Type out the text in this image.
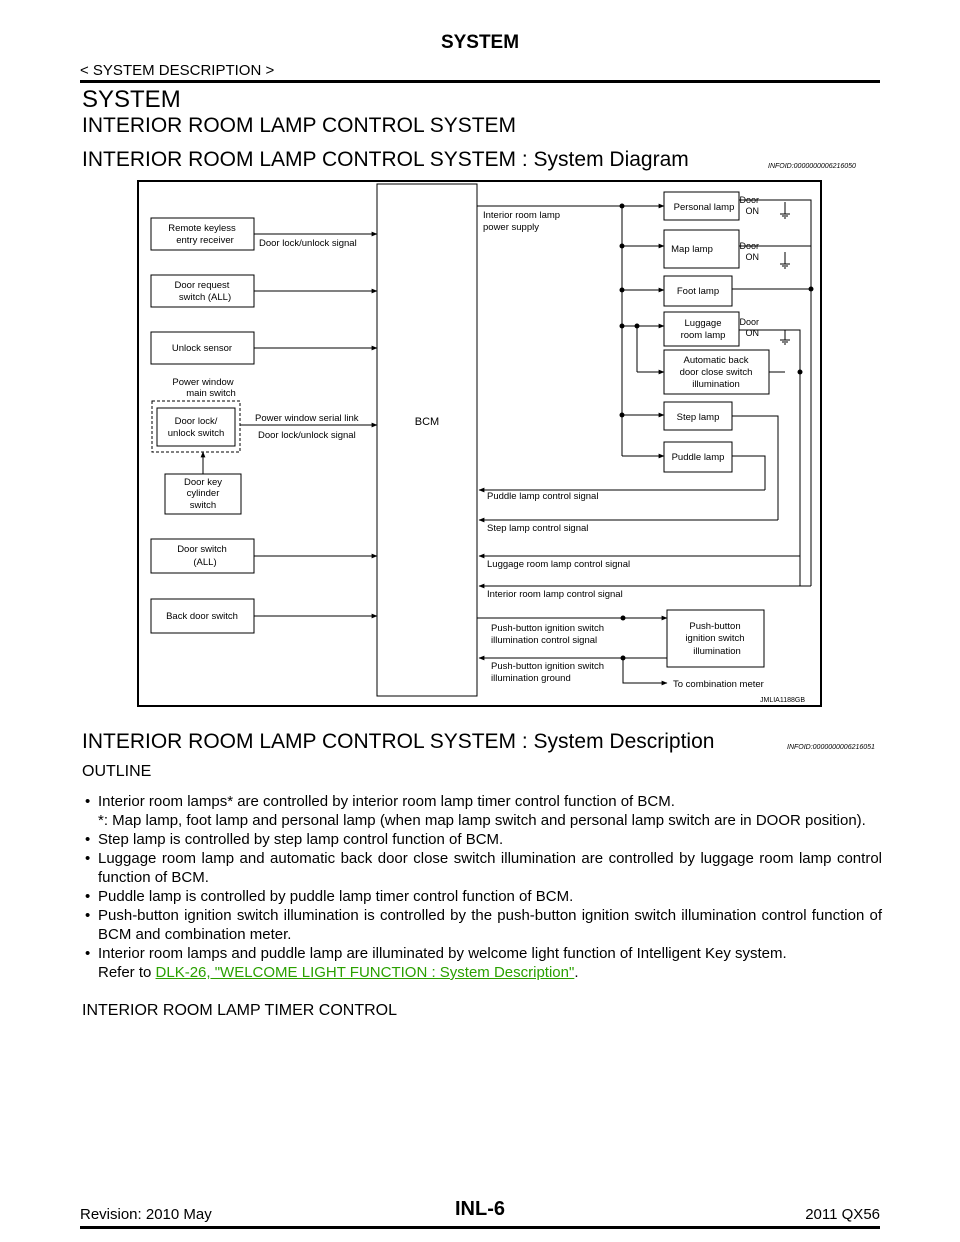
SYSTEM
< SYSTEM DESCRIPTION >
SYSTEM
INTERIOR ROOM LAMP CONTROL SYSTEM
INTERIOR ROOM LAMP CONTROL SYSTEM : System Diagram	INFOID:0000000006216050
BCM
Remote keyless
entry receiver
Door request
switch (ALL)
Unlock sensor
Power window
main switch
Door lock/
unlock switch
Door key
cylinder
switch
Door switch
(ALL)
Back door switch
Personal lamp
Map lamp
Foot lamp
Luggage
room lamp
Automatic back
door close switch
illumination
Step lamp
Puddle lamp
Push-button
ignition switch
illumination
Door
ON
Door
ON
Door
ON
Door lock/unlock signal
Power window serial link
Door lock/unlock signal
Interior room lamp
power supply
Puddle lamp control signal
Step lamp control signal
Luggage room lamp control signal
Interior room lamp control signal
Push-button ignition switch
illumination control signal
Push-button ignition switch
illumination ground
To combination meter
JMLIA1188GB
INTERIOR ROOM LAMP CONTROL SYSTEM : System Description	INFOID:0000000006216051
OUTLINE
• Interior room lamps* are controlled by interior room lamp timer control function of BCM.
*: Map lamp, foot lamp and personal lamp (when map lamp switch and personal lamp switch are in DOOR position).
• Step lamp is controlled by step lamp control function of BCM.
• Luggage room lamp and automatic back door close switch illumination are controlled by luggage room lamp control function of BCM.
• Puddle lamp is controlled by puddle lamp timer control function of BCM.
• Push-button ignition switch illumination is controlled by the push-button ignition switch illumination control function of BCM and combination meter.
• Interior room lamps and puddle lamp are illuminated by welcome light function of Intelligent Key system.
Refer to DLK-26, "WELCOME LIGHT FUNCTION : System Description".
INTERIOR ROOM LAMP TIMER CONTROL
Revision: 2010 May	INL-6	2011 QX56
